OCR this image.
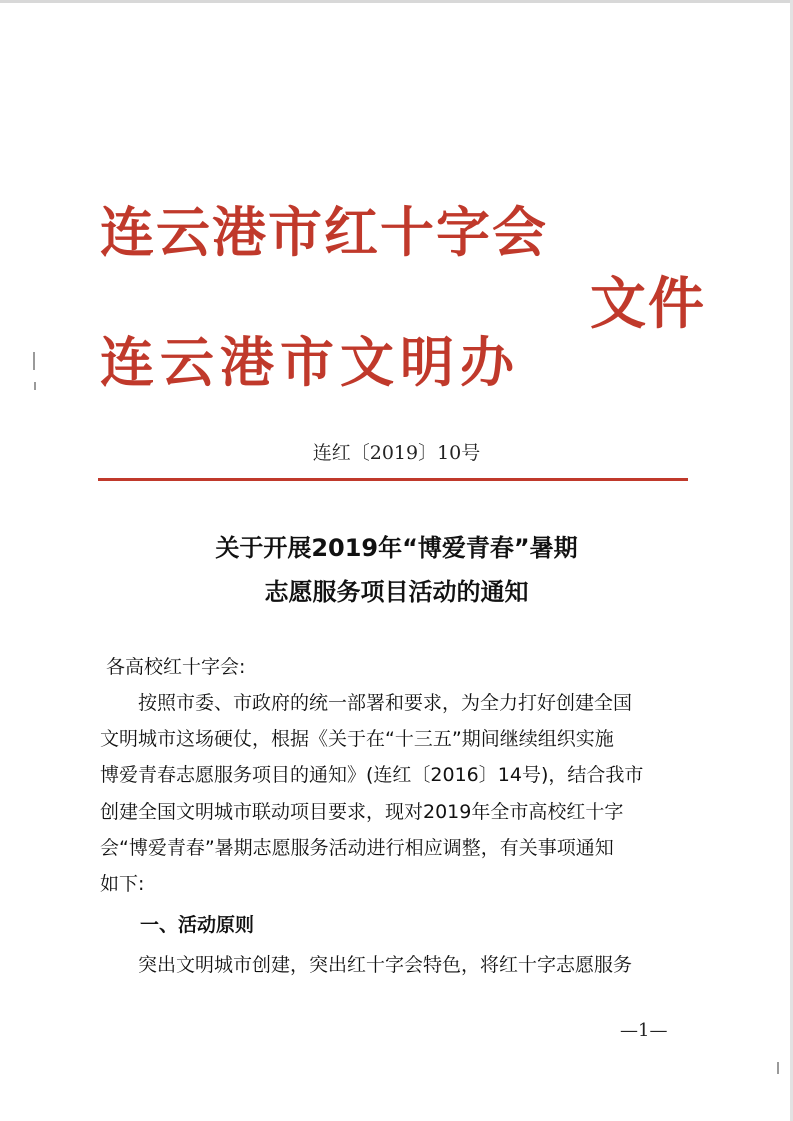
连云港市红十字会
连云港市文明办
文件
连红〔2019〕10号
关于开展2019年“博爱青春”暑期
志愿服务项目活动的通知
各高校红十字会:
　　按照市委、市政府的统一部署和要求，为全力打好创建全国
文明城市这场硬仗，根据《关于在“十三五”期间继续组织实施
博爱青春志愿服务项目的通知》(连红〔2016〕14号)，结合我市
创建全国文明城市联动项目要求，现对2019年全市高校红十字
会“博爱青春”暑期志愿服务活动进行相应调整，有关事项通知
如下:
一、活动原则
　　突出文明城市创建，突出红十字会特色，将红十字志愿服务
—1—
